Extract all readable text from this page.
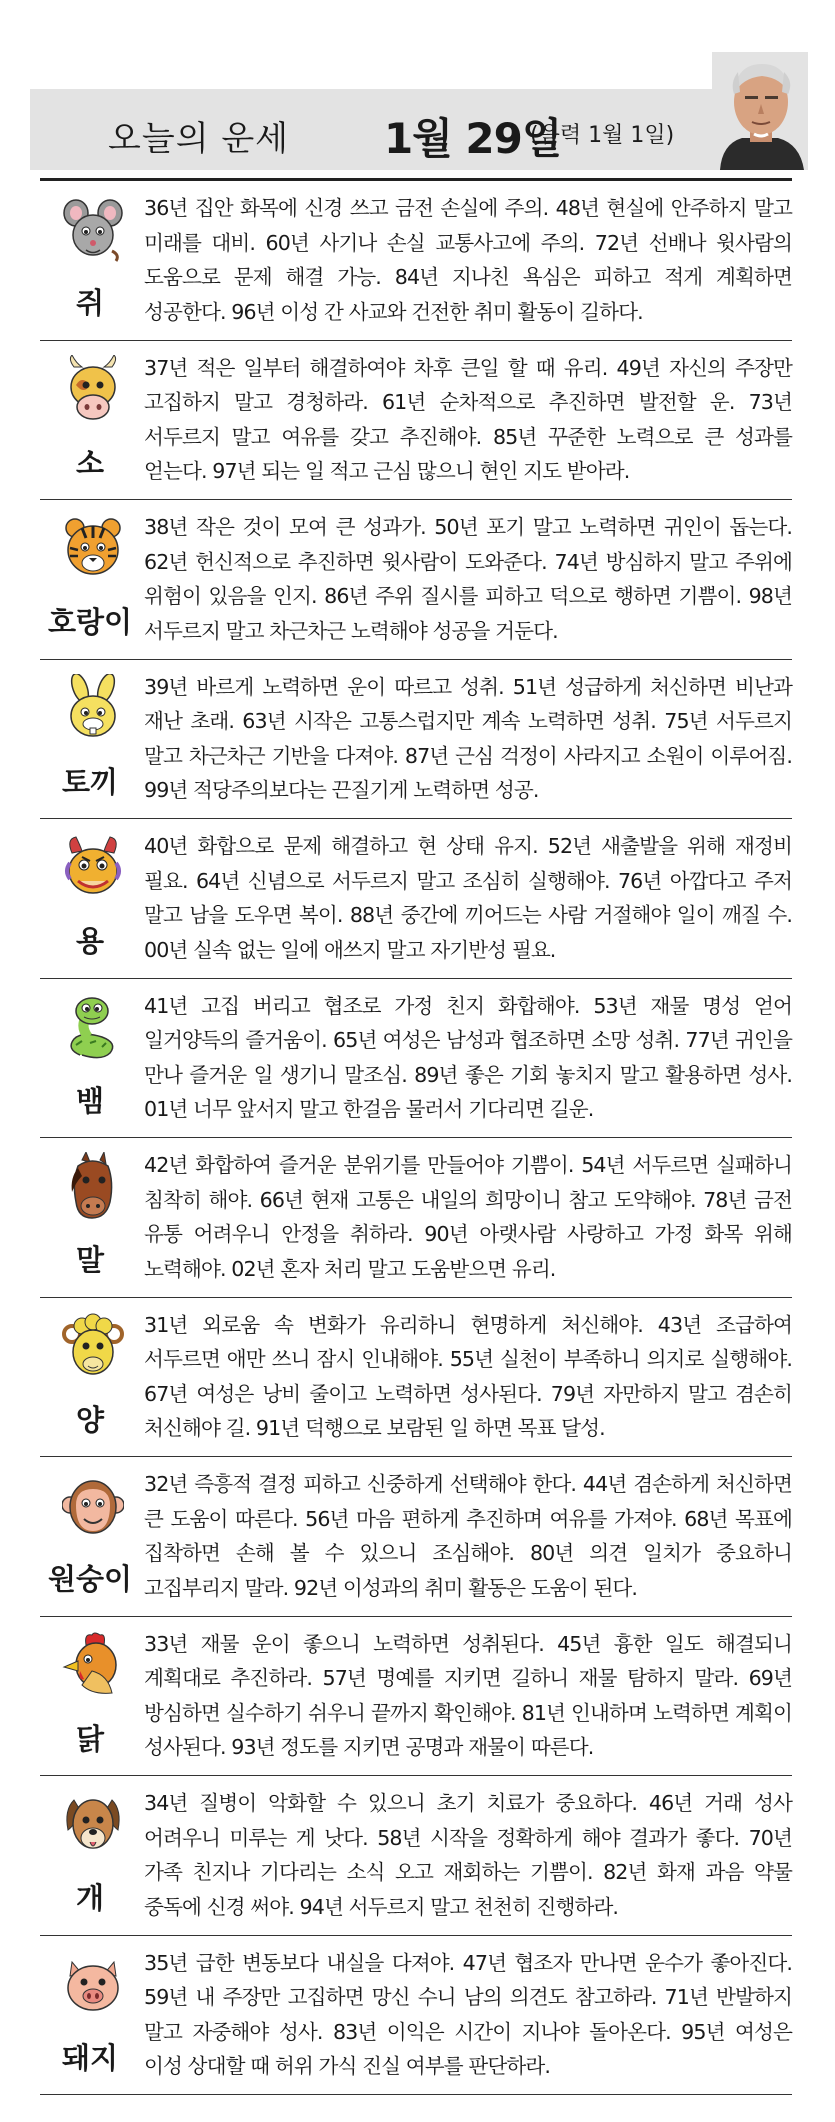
오늘의 운세 1월 29일
(음력 1월 1일)
쥐
36년 집안 화목에 신경 쓰고 금전 손실에 주의. 48년 현실에 안주하지 말고 미래를 대비. 60년 사기나 손실 교통사고에 주의. 72년 선배나 윗사람의 도움으로 문제 해결 가능. 84년 지나친 욕심은 피하고 적게 계획하면 성공한다. 96년 이성 간 사교와 건전한 취미 활동이 길하다.
소
37년 적은 일부터 해결하여야 차후 큰일 할 때 유리. 49년 자신의 주장만 고집하지 말고 경청하라. 61년 순차적으로 추진하면 발전할 운. 73년 서두르지 말고 여유를 갖고 추진해야. 85년 꾸준한 노력으로 큰 성과를 얻는다. 97년 되는 일 적고 근심 많으니 현인 지도 받아라.
호랑이
38년 작은 것이 모여 큰 성과가. 50년 포기 말고 노력하면 귀인이 돕는다. 62년 헌신적으로 추진하면 윗사람이 도와준다. 74년 방심하지 말고 주위에 위험이 있음을 인지. 86년 주위 질시를 피하고 덕으로 행하면 기쁨이. 98년 서두르지 말고 차근차근 노력해야 성공을 거둔다.
토끼
39년 바르게 노력하면 운이 따르고 성취. 51년 성급하게 처신하면 비난과 재난 초래. 63년 시작은 고통스럽지만 계속 노력하면 성취. 75년 서두르지 말고 차근차근 기반을 다져야. 87년 근심 걱정이 사라지고 소원이 이루어짐. 99년 적당주의보다는 끈질기게 노력하면 성공.
용
40년 화합으로 문제 해결하고 현 상태 유지. 52년 새출발을 위해 재정비 필요. 64년 신념으로 서두르지 말고 조심히 실행해야. 76년 아깝다고 주저 말고 남을 도우면 복이. 88년 중간에 끼어드는 사람 거절해야 일이 깨질 수. 00년 실속 없는 일에 애쓰지 말고 자기반성 필요.
뱀
41년 고집 버리고 협조로 가정 친지 화합해야. 53년 재물 명성 얻어 일거양득의 즐거움이. 65년 여성은 남성과 협조하면 소망 성취. 77년 귀인을 만나 즐거운 일 생기니 말조심. 89년 좋은 기회 놓치지 말고 활용하면 성사. 01년 너무 앞서지 말고 한걸음 물러서 기다리면 길운.
말
42년 화합하여 즐거운 분위기를 만들어야 기쁨이. 54년 서두르면 실패하니 침착히 해야. 66년 현재 고통은 내일의 희망이니 참고 도약해야. 78년 금전 유통 어려우니 안정을 취하라. 90년 아랫사람 사랑하고 가정 화목 위해 노력해야. 02년 혼자 처리 말고 도움받으면 유리.
양
31년 외로움 속 변화가 유리하니 현명하게 처신해야. 43년 조급하여 서두르면 애만 쓰니 잠시 인내해야. 55년 실천이 부족하니 의지로 실행해야. 67년 여성은 낭비 줄이고 노력하면 성사된다. 79년 자만하지 말고 겸손히 처신해야 길. 91년 덕행으로 보람된 일 하면 목표 달성.
원숭이
32년 즉흥적 결정 피하고 신중하게 선택해야 한다. 44년 겸손하게 처신하면 큰 도움이 따른다. 56년 마음 편하게 추진하며 여유를 가져야. 68년 목표에 집착하면 손해 볼 수 있으니 조심해야. 80년 의견 일치가 중요하니 고집부리지 말라. 92년 이성과의 취미 활동은 도움이 된다.
닭
33년 재물 운이 좋으니 노력하면 성취된다. 45년 흉한 일도 해결되니 계획대로 추진하라. 57년 명예를 지키면 길하니 재물 탐하지 말라. 69년 방심하면 실수하기 쉬우니 끝까지 확인해야. 81년 인내하며 노력하면 계획이 성사된다. 93년 정도를 지키면 공명과 재물이 따른다.
개
34년 질병이 악화할 수 있으니 초기 치료가 중요하다. 46년 거래 성사 어려우니 미루는 게 낫다. 58년 시작을 정확하게 해야 결과가 좋다. 70년 가족 친지나 기다리는 소식 오고 재회하는 기쁨이. 82년 화재 과음 약물 중독에 신경 써야. 94년 서두르지 말고 천천히 진행하라.
돼지
35년 급한 변동보다 내실을 다져야. 47년 협조자 만나면 운수가 좋아진다. 59년 내 주장만 고집하면 망신 수니 남의 의견도 참고하라. 71년 반발하지 말고 자중해야 성사. 83년 이익은 시간이 지나야 돌아온다. 95년 여성은 이성 상대할 때 허위 가식 진실 여부를 판단하라.
